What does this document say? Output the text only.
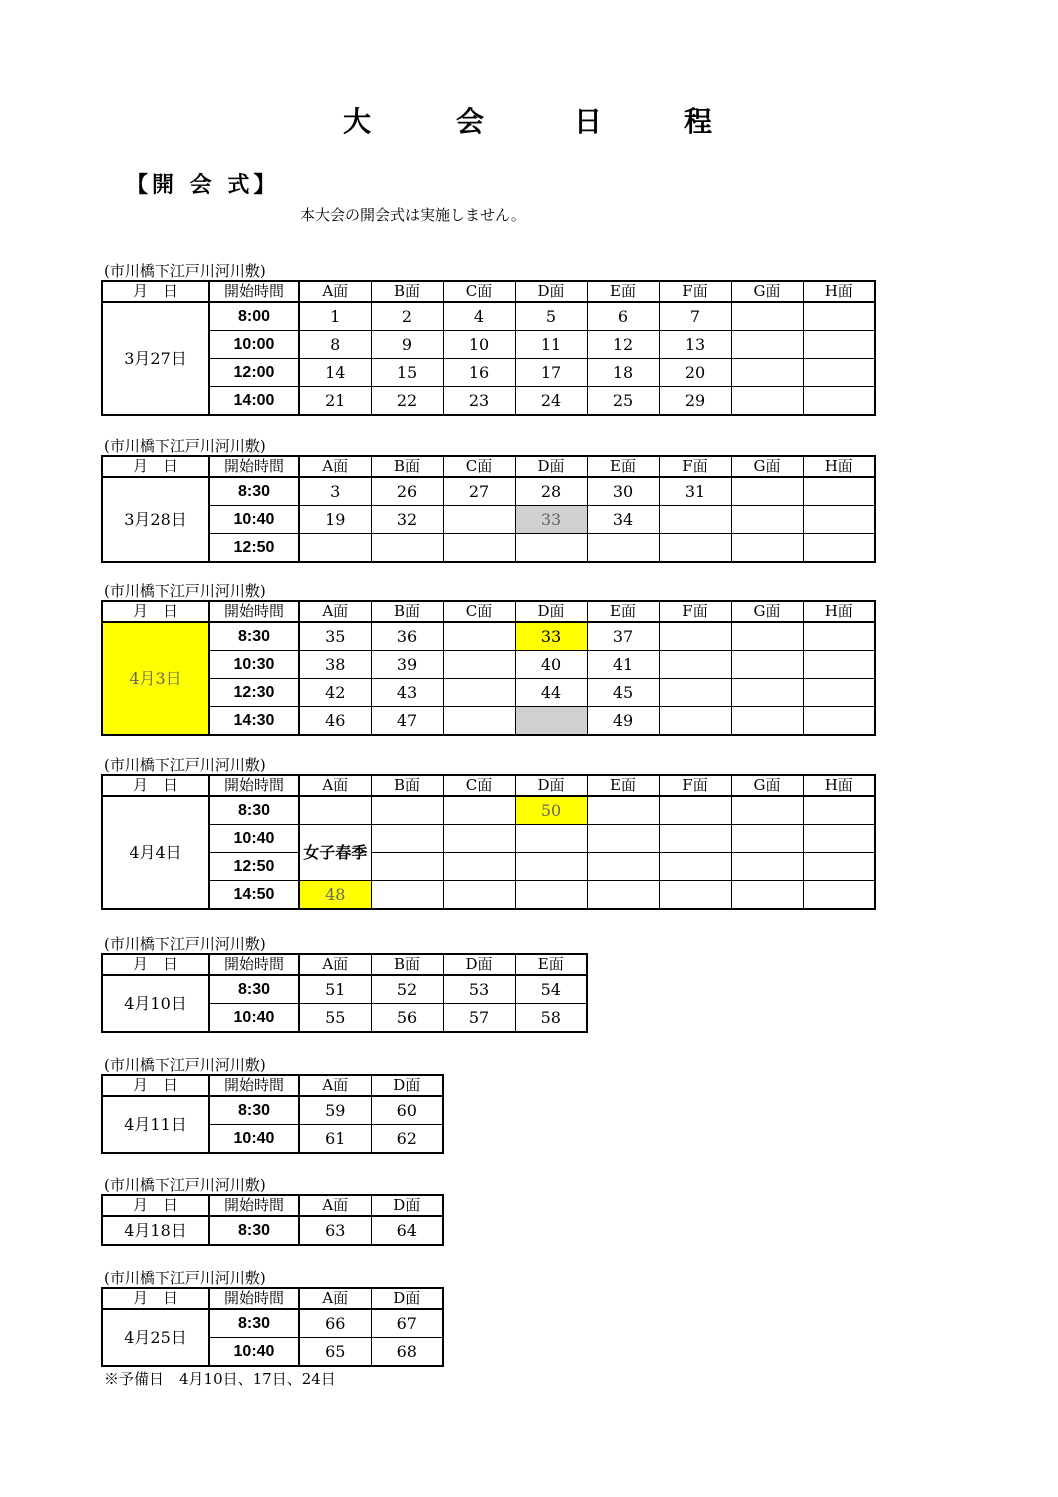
大	会	日	程
【開 会 式】
本大会の開会式は実施しません。
(市川橋下江戸川河川敷)
月　日	開始時間	A面	B面	C面	D面	E面	F面	G面	H面
3月27日	8:00	1	2	4	5	6	7		
	10:00	8	9	10	11	12	13		
	12:00	14	15	16	17	18	20		
	14:00	21	22	23	24	25	29		
(市川橋下江戸川河川敷)
月　日	開始時間	A面	B面	C面	D面	E面	F面	G面	H面
3月28日	8:30	3	26	27	28	30	31		
	10:40	19	32		33	34			
	12:50								
(市川橋下江戸川河川敷)
月　日	開始時間	A面	B面	C面	D面	E面	F面	G面	H面
4月3日	8:30	35	36		33	37			
	10:30	38	39		40	41			
	12:30	42	43		44	45			
	14:30	46	47			49			
(市川橋下江戸川河川敷)
月　日	開始時間	A面	B面	C面	D面	E面	F面	G面	H面
4月4日	8:30				50				
	10:40	女子春季							
	12:50								
	14:50	48							
(市川橋下江戸川河川敷)
月　日	開始時間	A面	B面	D面	E面
4月10日	8:30	51	52	53	54
	10:40	55	56	57	58
(市川橋下江戸川河川敷)
月　日	開始時間	A面	D面
4月11日	8:30	59	60
	10:40	61	62
(市川橋下江戸川河川敷)
月　日	開始時間	A面	D面
4月18日	8:30	63	64
(市川橋下江戸川河川敷)
月　日	開始時間	A面	D面
4月25日	8:30	66	67
	10:40	65	68
※予備日　4月10日、17日、24日
